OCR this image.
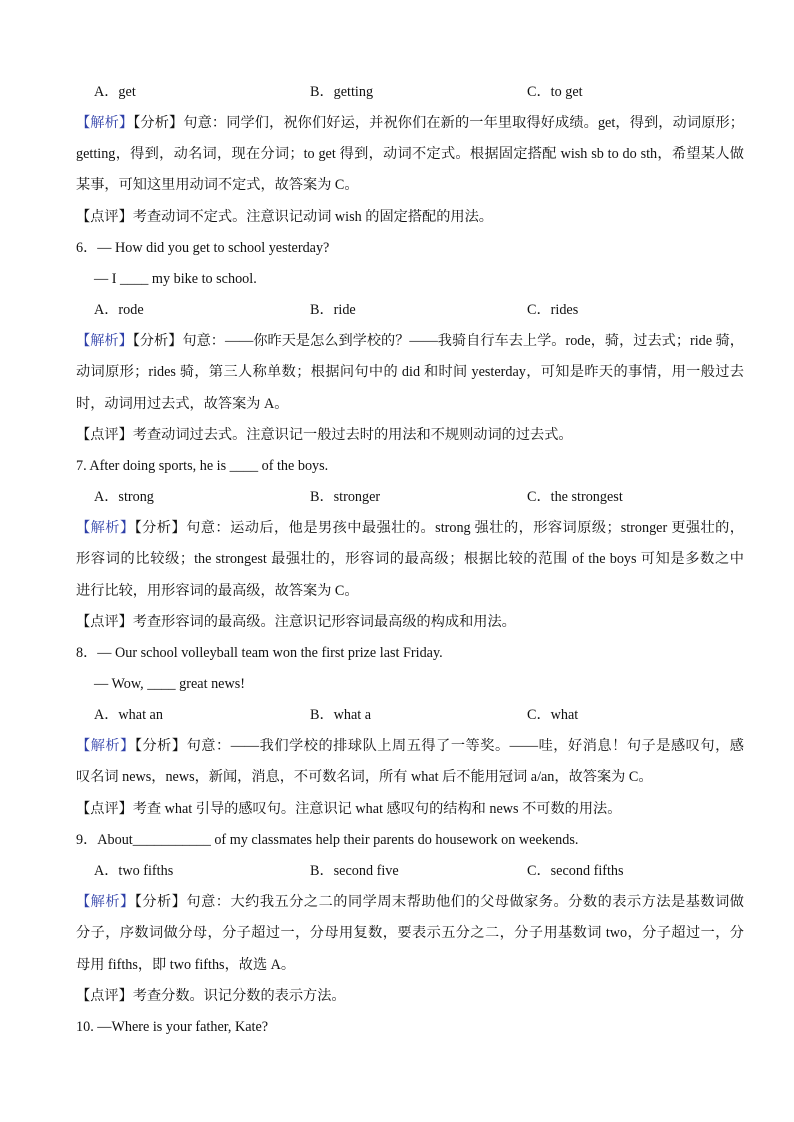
A．get	B．getting	C．to get
【解析】【分析】句意：同学们，祝你们好运，并祝你们在新的一年里取得好成绩。get，得到，动词原形；
getting，得到，动名词，现在分词；to get 得到，动词不定式。根据固定搭配 wish sb to do sth，希望某人做
某事，可知这里用动词不定式，故答案为 C。
【点评】考查动词不定式。注意识记动词 wish 的固定搭配的用法。
6．— How did you get to school yesterday?
— I ____ my bike to school.
A．rode	B．ride	C．rides
【解析】【分析】句意：——你昨天是怎么到学校的？——我骑自行车去上学。rode，骑，过去式；ride 骑，
动词原形；rides 骑，第三人称单数；根据问句中的 did 和时间 yesterday，可知是昨天的事情，用一般过去
时，动词用过去式，故答案为 A。
【点评】考查动词过去式。注意识记一般过去时的用法和不规则动词的过去式。
7. After doing sports, he is ____ of the boys.
A．strong	B．stronger	C．the strongest
【解析】【分析】句意：运动后，他是男孩中最强壮的。strong 强壮的，形容词原级；stronger 更强壮的，
形容词的比较级；the strongest 最强壮的，形容词的最高级；根据比较的范围 of the boys 可知是多数之中
进行比较，用形容词的最高级，故答案为 C。
【点评】考查形容词的最高级。注意识记形容词最高级的构成和用法。
8．— Our school volleyball team won the first prize last Friday.
— Wow, ____ great news!
A．what an	B．what a	C．what
【解析】【分析】句意：——我们学校的排球队上周五得了一等奖。——哇，好消息！句子是感叹句，感
叹名词 news，news，新闻，消息，不可数名词，所有 what 后不能用冠词 a/an，故答案为 C。
【点评】考查 what 引导的感叹句。注意识记 what 感叹句的结构和 news 不可数的用法。
9．About___________ of my classmates help their parents do housework on weekends.
A．two fifths	B．second five	C．second fifths
【解析】【分析】句意：大约我五分之二的同学周末帮助他们的父母做家务。分数的表示方法是基数词做
分子，序数词做分母，分子超过一，分母用复数，要表示五分之二，分子用基数词 two，分子超过一，分
母用 fifths，即 two fifths，故选 A。
【点评】考查分数。识记分数的表示方法。
10. —Where is your father, Kate?
